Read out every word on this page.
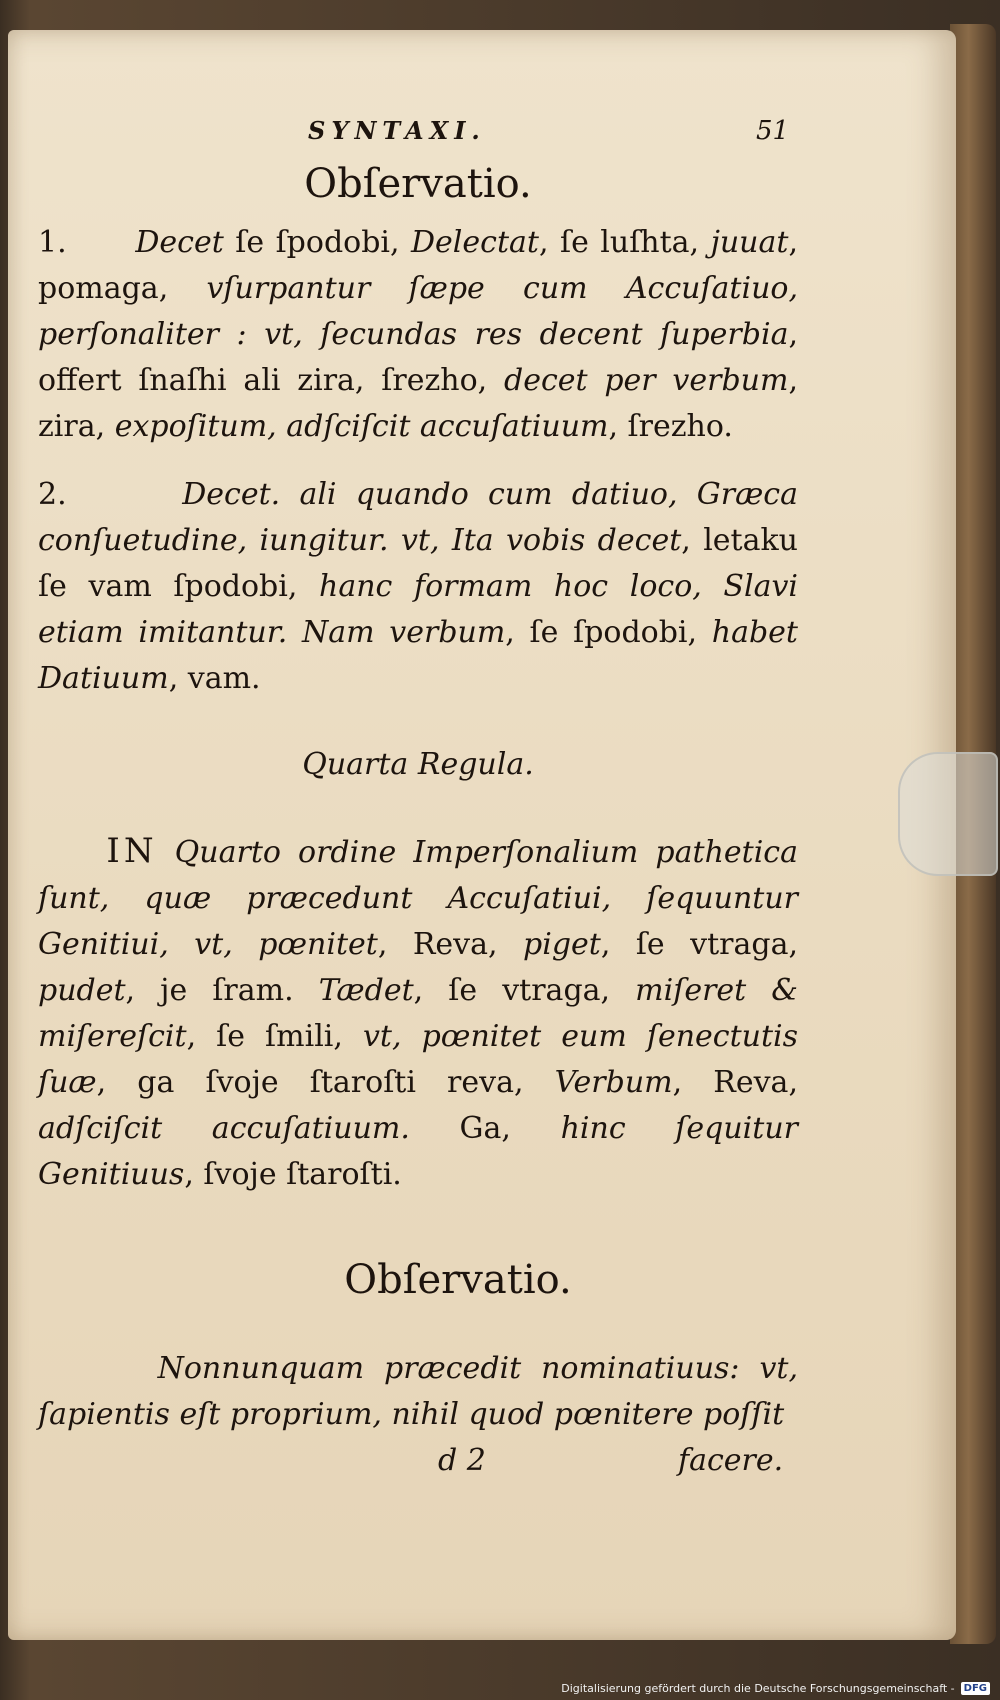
SYNTAXI.	51
Obſervatio.

1. Decet ſe ſpodobi, Delectat, ſe luſhta, juuat, pomaga, vſurpantur ſæpe cum Accuſatiuo, perſonaliter : vt, ſecundas res decent ſuperbia, offert ſnaſhi ali zira, ſrezho, decet per verbum, zira, expoſitum, adſciſcit accuſatiuum, ſrezho.

2.	Decet. ali quando cum datiuo, Græca conſuetudine, iungitur. vt, Ita vobis decet, letaku ſe vam ſpodobi, hanc formam hoc loco, Slavi etiam imitantur. Nam verbum, ſe ſpodobi, habet Datiuum, vam.

Quarta Regula.

IN Quarto ordine Imperſonalium pathetica ſunt, quæ præcedunt Accuſatiui, ſequuntur Genitiui, vt, pœnitet, Reva, piget, ſe vtraga, pudet, je ſram. Tædet, ſe vtraga, miſeret & miſereſcit, ſe ſmili, vt, pœnitet eum ſenectutis ſuæ, ga ſvoje ſtaroſti reva, Verbum, Reva, adſciſcit accuſatiuum. Ga, hinc ſequitur Genitiuus, ſvoje ſtaroſti.

Obſervatio.

Nonnunquam præcedit nominatiuus: vt, ſapientis eſt proprium, nihil quod pœnitere poſſit

d 2	facere.
Digitalisierung gefördert durch die Deutsche Forschungsgemeinschaft - DFG
